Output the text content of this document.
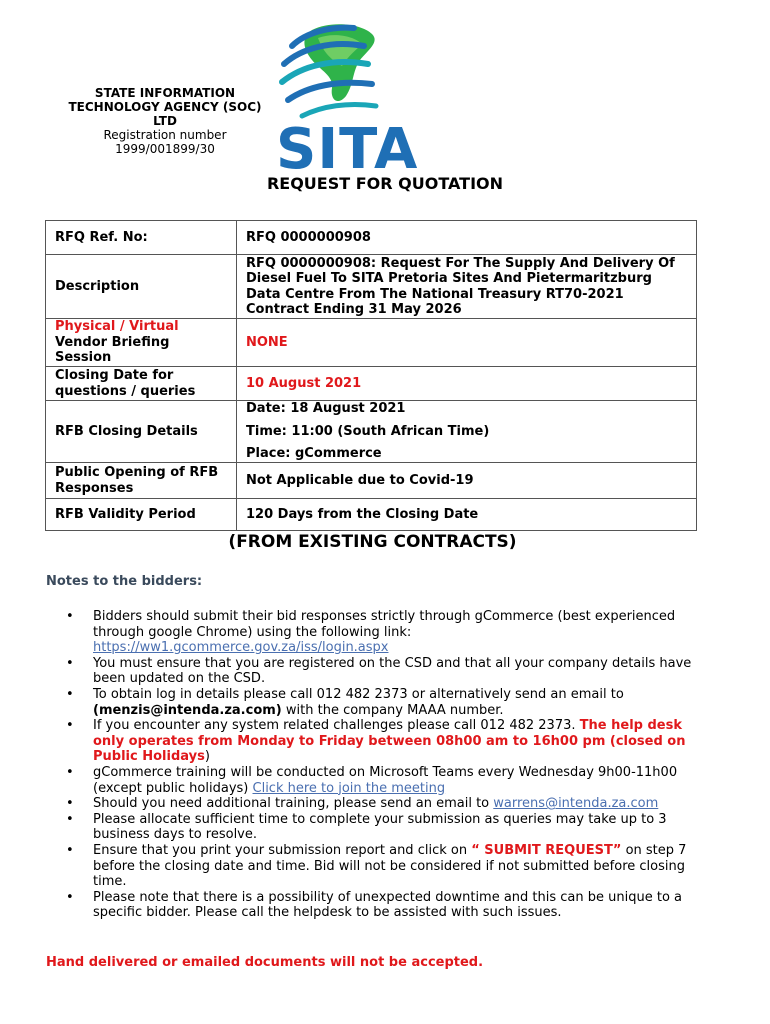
STATE INFORMATION
TECHNOLOGY AGENCY (SOC)
LTD
Registration number
1999/001899/30	SITA
REQUEST FOR QUOTATION
RFQ Ref. No:	RFQ 0000000908
Description	RFQ 0000000908: Request For The Supply And Delivery Of Diesel Fuel To SITA Pretoria Sites And Pietermaritzburg Data Centre From The National Treasury RT70-2021 Contract Ending 31 May 2026
Physical / Virtual
Vendor Briefing Session	NONE
Closing Date for questions / queries	10 August 2021
RFB Closing Details	Date: 18 August 2021
Time: 11:00 (South African Time)
Place: gCommerce

Public Opening of RFB Responses	Not Applicable due to Covid-19
RFB Validity Period	120 Days from the Closing Date
(FROM EXISTING CONTRACTS)
Notes to the bidders:
• Bidders should submit their bid responses strictly through gCommerce (best experienced through google Chrome) using the following link: https://ww1.gcommerce.gov.za/iss/login.aspx
• You must ensure that you are registered on the CSD and that all your company details have been updated on the CSD.
• To obtain log in details please call 012 482 2373 or alternatively send an email to (menzis@intenda.za.com) with the company MAAA number.
• If you encounter any system related challenges please call 012 482 2373. The help desk only operates from Monday to Friday between 08h00 am to 16h00 pm (closed on Public Holidays)
• gCommerce training will be conducted on Microsoft Teams every Wednesday 9h00-11h00 (except public holidays) Click here to join the meeting
• Should you need additional training, please send an email to warrens@intenda.za.com
• Please allocate sufficient time to complete your submission as queries may take up to 3 business days to resolve.
• Ensure that you print your submission report and click on “ SUBMIT REQUEST” on step 7 before the closing date and time. Bid will not be considered if not submitted before closing time.
• Please note that there is a possibility of unexpected downtime and this can be unique to a specific bidder. Please call the helpdesk to be assisted with such issues.
Hand delivered or emailed documents will not be accepted.
